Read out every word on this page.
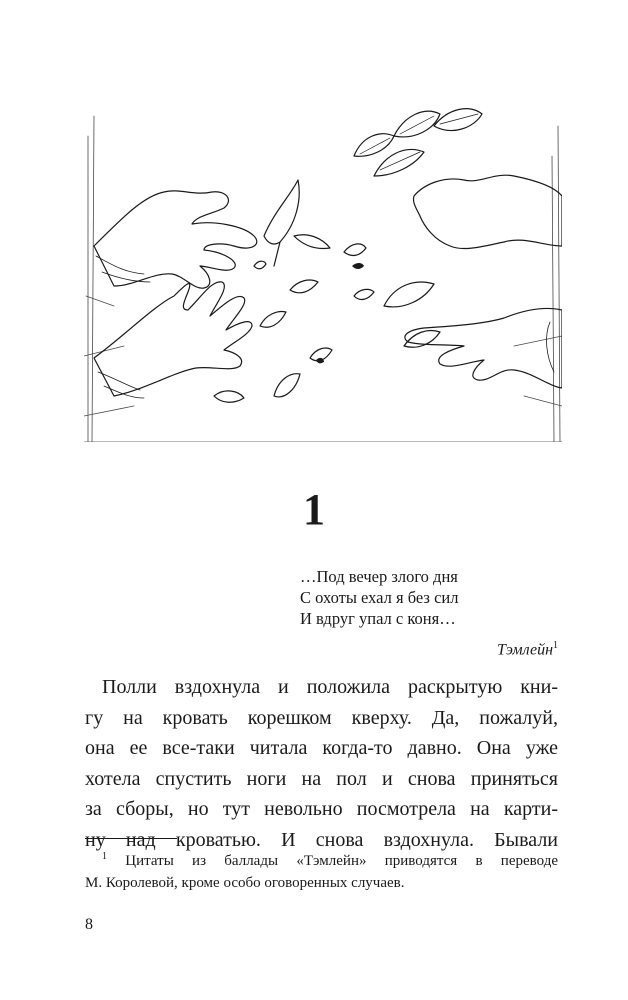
1
…Под вечер злого дня
С охоты ехал я без сил
И вдруг упал с коня…
Тэмлейн$^1$
Полли вздохнула и положила раскрытую кни-
гу на кровать корешком кверху. Да, пожалуй,
она ее все-таки читала когда-то давно. Она уже
хотела спустить ноги на пол и снова приняться
за сборы, но тут невольно посмотрела на карти-
ну над кроватью. И снова вздохнула. Бывали
$^1$ Цитаты из баллады «Тэмлейн» приводятся в переводе
М. Королевой, кроме особо оговоренных случаев.
8
